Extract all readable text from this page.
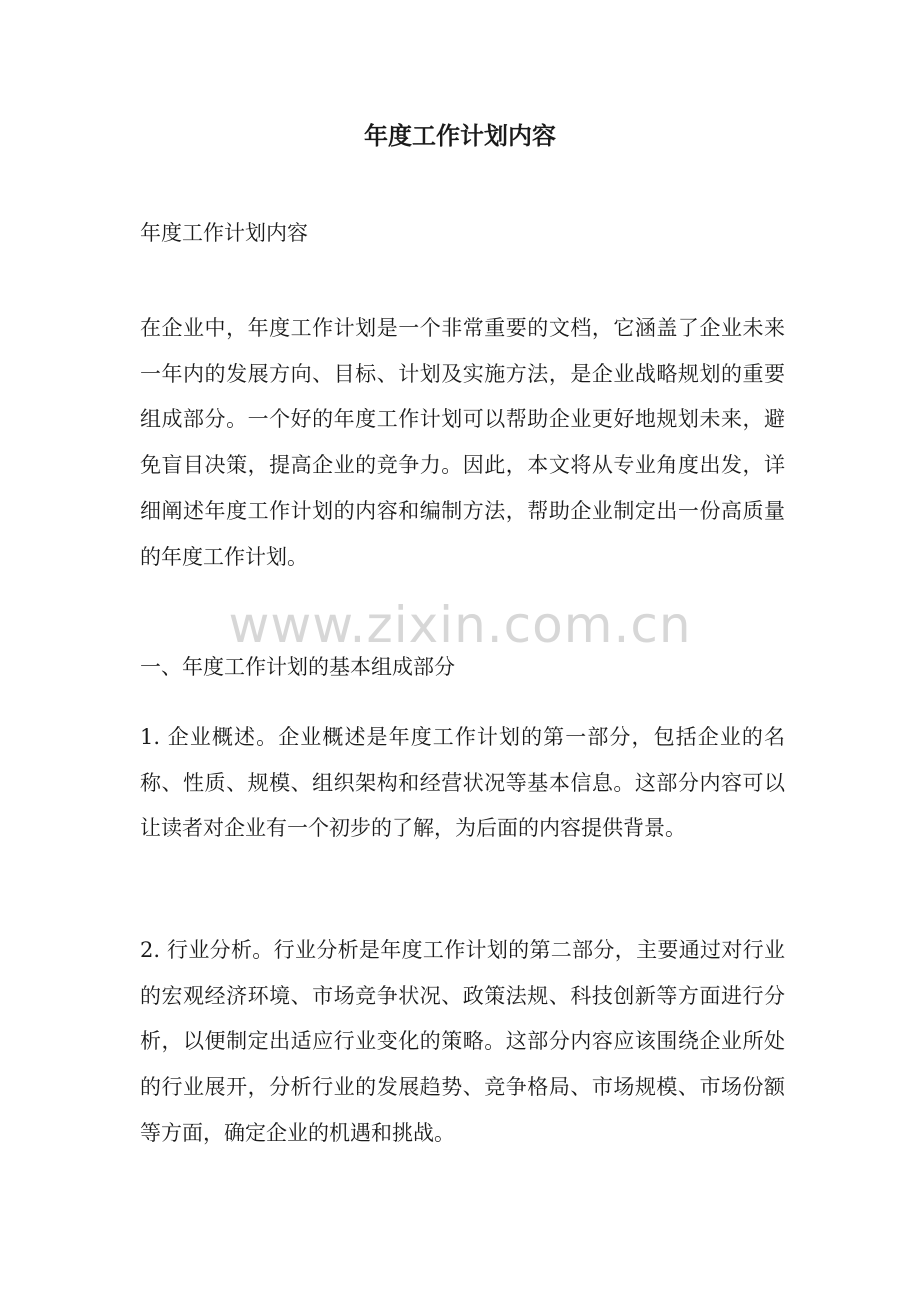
年度工作计划内容

年度工作计划内容

在企业中，年度工作计划是一个非常重要的文档，它涵盖了企业未来一年内的发展方向、目标、计划及实施方法，是企业战略规划的重要组成部分。一个好的年度工作计划可以帮助企业更好地规划未来，避免盲目决策，提高企业的竞争力。因此，本文将从专业角度出发，详细阐述年度工作计划的内容和编制方法，帮助企业制定出一份高质量的年度工作计划。

一、年度工作计划的基本组成部分

1. 企业概述。企业概述是年度工作计划的第一部分，包括企业的名称、性质、规模、组织架构和经营状况等基本信息。这部分内容可以让读者对企业有一个初步的了解，为后面的内容提供背景。

2. 行业分析。行业分析是年度工作计划的第二部分，主要通过对行业的宏观经济环境、市场竞争状况、政策法规、科技创新等方面进行分析，以便制定出适应行业变化的策略。这部分内容应该围绕企业所处的行业展开，分析行业的发展趋势、竞争格局、市场规模、市场份额等方面，确定企业的机遇和挑战。

www.zixin.com.cn
